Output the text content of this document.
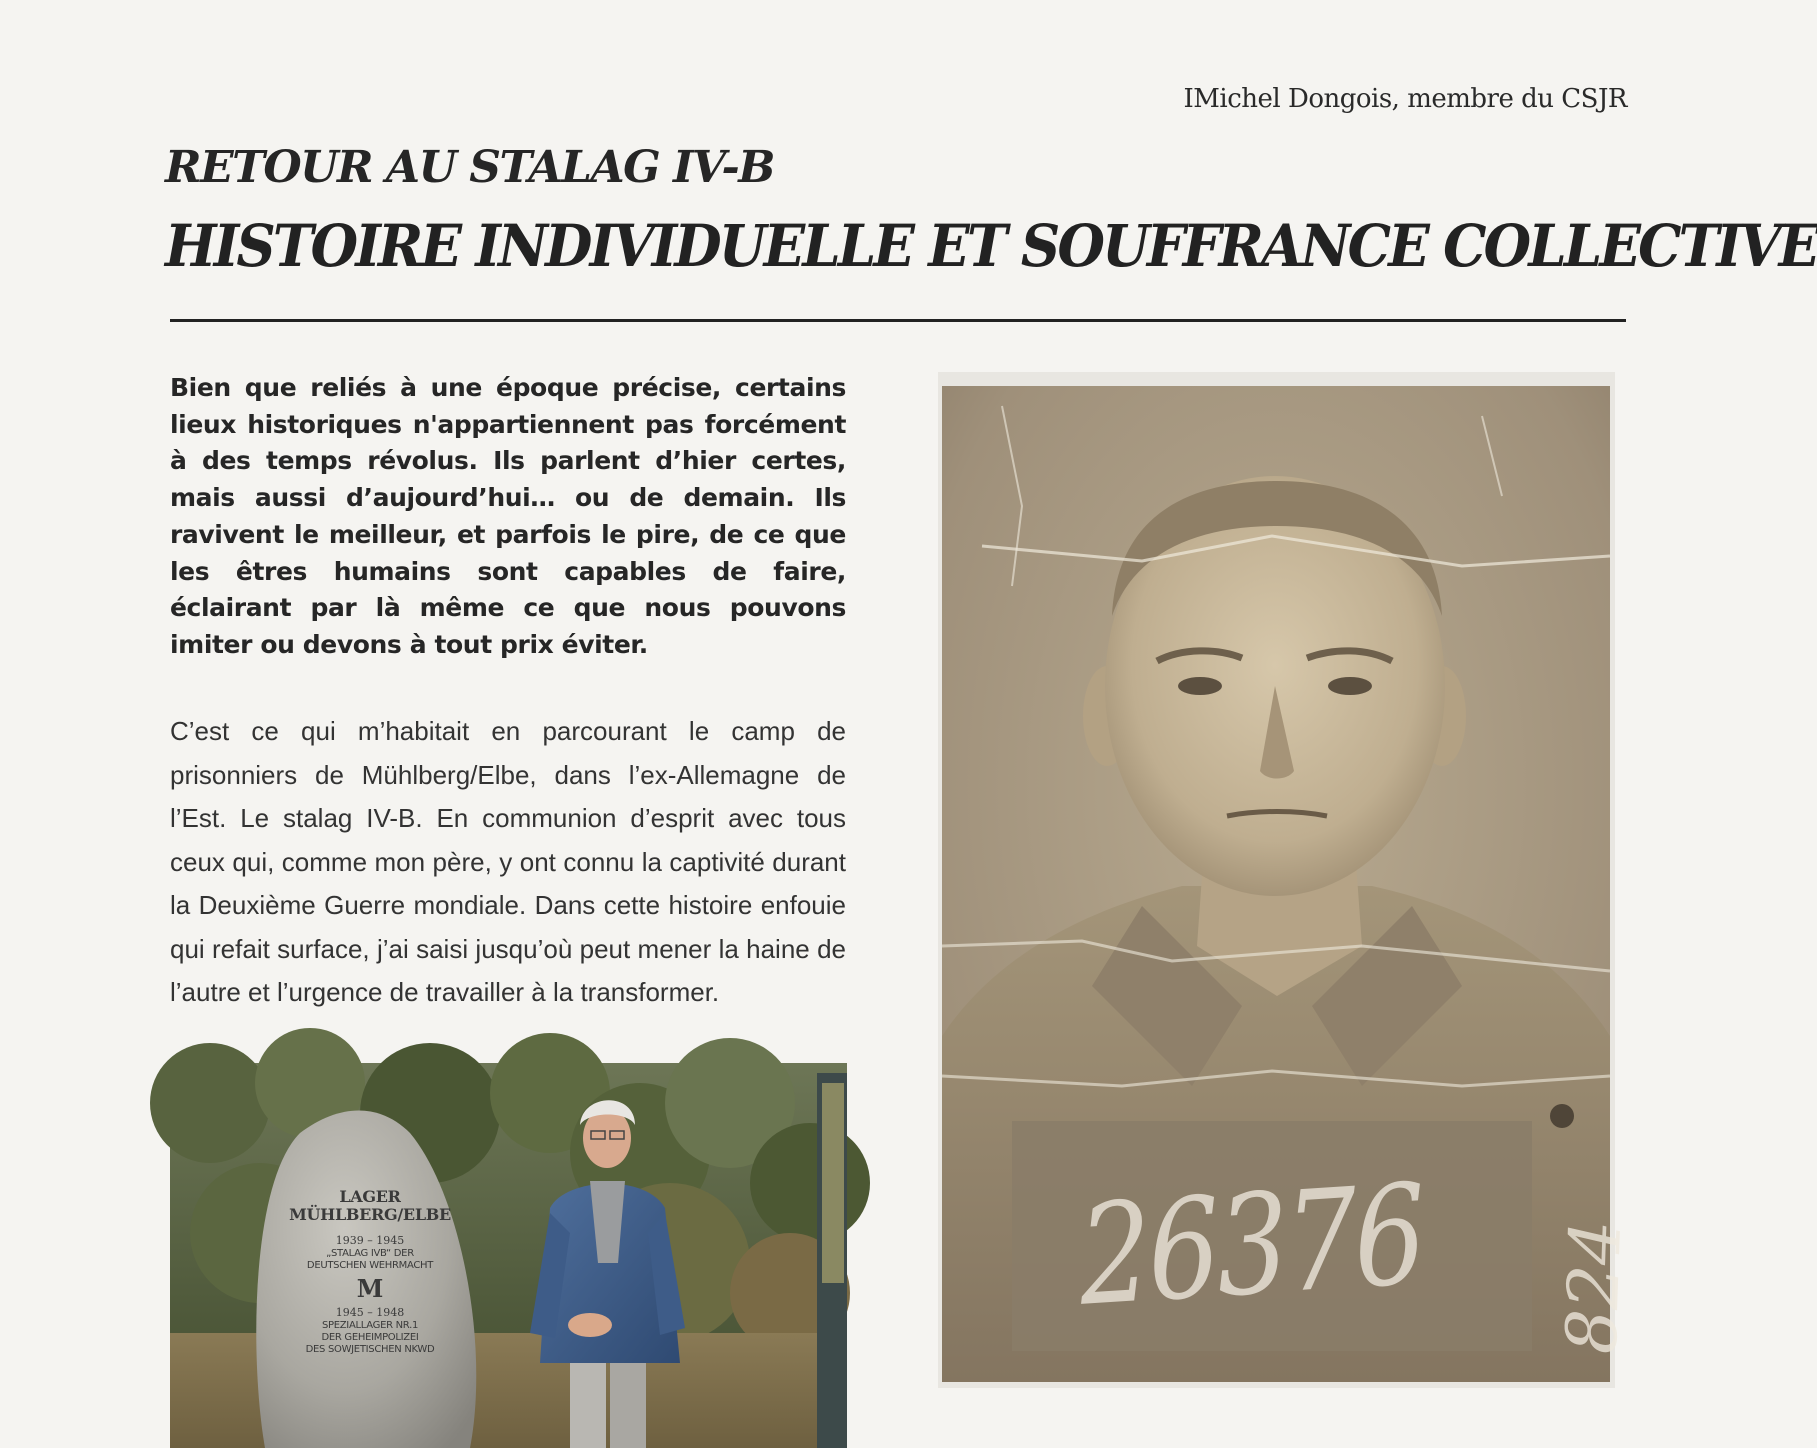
IMichel Dongois, membre du CSJR
RETOUR AU STALAG IV-B
HISTOIRE INDIVIDUELLE ET SOUFFRANCE COLLECTIVE

Bien que reliés à une époque précise, certains lieux historiques n'appartiennent pas forcément à des temps révolus. Ils parlent d’hier certes, mais aussi d’aujourd’hui… ou de demain. Ils ravivent le meilleur, et parfois le pire, de ce que les êtres humains sont capables de faire, éclairant par là même ce que nous pouvons imiter ou devons à tout prix éviter.

C’est ce qui m’habitait en parcourant le camp de prisonniers de Mühlberg/Elbe, dans l’ex-Allemagne de l’Est. Le stalag IV-B. En communion d’esprit avec tous ceux qui, comme mon père, y ont connu la captivité durant la Deuxième Guerre mondiale. Dans cette histoire enfouie qui refait surface, j’ai saisi jusqu’où peut mener la haine de l’autre et l’urgence de travailler à la transformer.

LAGER
MÜHLBERG/ELBE
1939 – 1945
„STALAG IVB“ DER
DEUTSCHEN WEHRMACHT
M
1945 – 1948
SPEZIALLAGER NR.1
DER GEHEIMPOLIZEI
DES SOWJETISCHEN NKWD
26376 824
